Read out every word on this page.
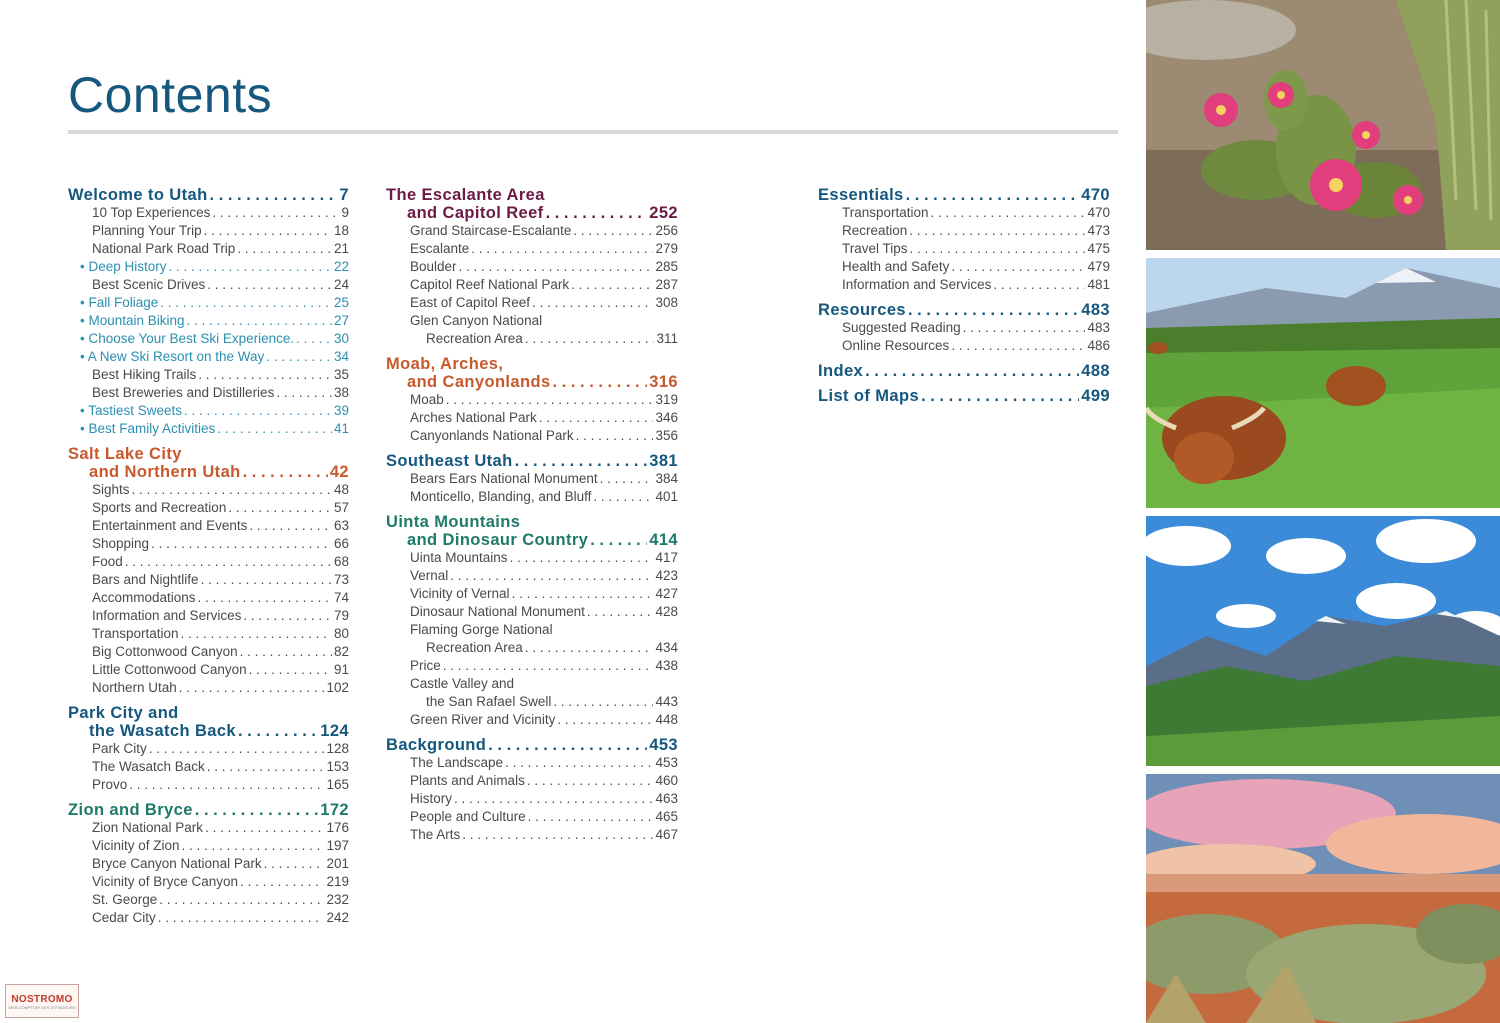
Contents
Welcome to Utah . . .	7
10 Top Experiences . . .	9
Planning Your Trip . . .	18
National Park Road Trip . . .	21
• Deep History . . .	22
Best Scenic Drives . . .	24
• Fall Foliage . . .	25
• Mountain Biking . . .	27
• Choose Your Best Ski Experience. . . .	30
• A New Ski Resort on the Way . . .	34
Best Hiking Trails . . .	35
Best Breweries and Distilleries . . .	38
• Tastiest Sweets . . .	39
• Best Family Activities . . .	41
Salt Lake City
and Northern Utah . . .	42
Sights . . .	48
Sports and Recreation . . .	57
Entertainment and Events . . .	63
Shopping . . .	66
Food . . .	68
Bars and Nightlife . . .	73
Accommodations . . .	74
Information and Services . . .	79
Transportation . . .	80
Big Cottonwood Canyon . . .	82
Little Cottonwood Canyon . . .	91
Northern Utah . . .	102
Park City and
the Wasatch Back . . .	124
Park City . . .	128
The Wasatch Back . . .	153
Provo . . .	165
Zion and Bryce . . .	172
Zion National Park . . .	176
Vicinity of Zion . . .	197
Bryce Canyon National Park . . .	201
Vicinity of Bryce Canyon . . .	219
St. George . . .	232
Cedar City . . .	242
The Escalante Area
and Capitol Reef . . .	252
Grand Staircase-Escalante . . .	256
Escalante . . .	279
Boulder . . .	285
Capitol Reef National Park . . .	287
East of Capitol Reef . . .	308
Glen Canyon National
Recreation Area . . .	311
Moab, Arches,
and Canyonlands . . .	316
Moab . . .	319
Arches National Park . . .	346
Canyonlands National Park . . .	356
Southeast Utah . . .	381
Bears Ears National Monument . . .	384
Monticello, Blanding, and Bluff . . .	401
Uinta Mountains
and Dinosaur Country . . .	414
Uinta Mountains . . .	417
Vernal . . .	423
Vicinity of Vernal . . .	427
Dinosaur National Monument . . .	428
Flaming Gorge National
Recreation Area . . .	434
Price . . .	438
Castle Valley and
the San Rafael Swell . . .	443
Green River and Vicinity . . .	448
Background . . .	453
The Landscape . . .	453
Plants and Animals . . .	460
History . . .	463
People and Culture . . .	465
The Arts . . .	467
Essentials . . .	470
Transportation . . .	470
Recreation . . .	473
Travel Tips . . .	475
Health and Safety . . .	479
Information and Services . . .	481
Resources . . .	483
Suggested Reading . . .	483
Online Resources . . .	486
Index . . .	488
List of Maps . . .	499
NOSTROMO
WEB COMPTOIR DES VOYAGEURS
